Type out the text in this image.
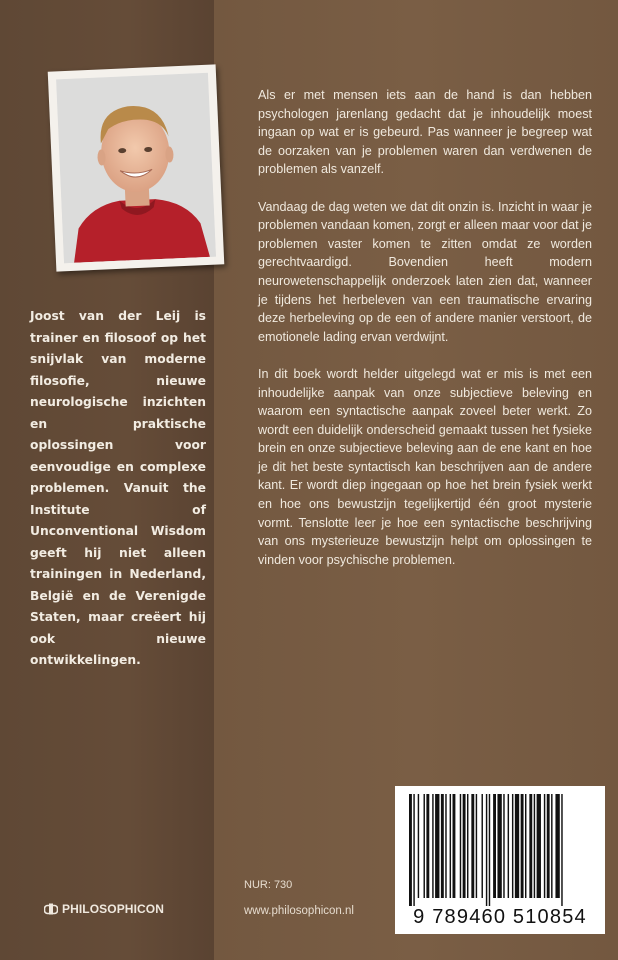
Joost van der Leij is trainer en filosoof op het snijvlak van moderne filosofie, nieuwe neurologische inzichten en praktische oplossingen voor eenvoudige en complexe problemen. Vanuit the Institute of Unconventional Wisdom geeft hij niet alleen trainingen in Nederland, België en de Verenigde Staten, maar creëert hij ook nieuwe ontwikkelingen.

Als er met mensen iets aan de hand is dan hebben psychologen jarenlang gedacht dat je inhoudelijk moest ingaan op wat er is gebeurd. Pas wanneer je begreep wat de oorzaken van je problemen waren dan verdwenen de problemen als vanzelf.

Vandaag de dag weten we dat dit onzin is. Inzicht in waar je problemen vandaan komen, zorgt er alleen maar voor dat je problemen vaster komen te zitten omdat ze worden gerechtvaardigd. Bovendien heeft modern neurowetenschappelijk onderzoek laten zien dat, wanneer je tijdens het herbeleven van een traumatische ervaring deze herbeleving op de een of andere manier verstoort, de emotionele lading ervan verdwijnt.

In dit boek wordt helder uitgelegd wat er mis is met een inhoudelijke aanpak van onze subjectieve beleving en waarom een syntactische aanpak zoveel beter werkt. Zo wordt een duidelijk onderscheid gemaakt tussen het fysieke brein en onze subjectieve beleving aan de ene kant en hoe je dit het beste syntactisch kan beschrijven aan de andere kant. Er wordt diep ingegaan op hoe het brein fysiek werkt en hoe ons bewustzijn tegelijkertijd één groot mysterie vormt. Tenslotte leer je hoe een syntactische beschrijving van ons mysterieuze bewustzijn helpt om oplossingen te vinden voor psychische problemen.

PHILOSOPHICON
NUR: 730
www.philosophicon.nl	9 789460 510854
